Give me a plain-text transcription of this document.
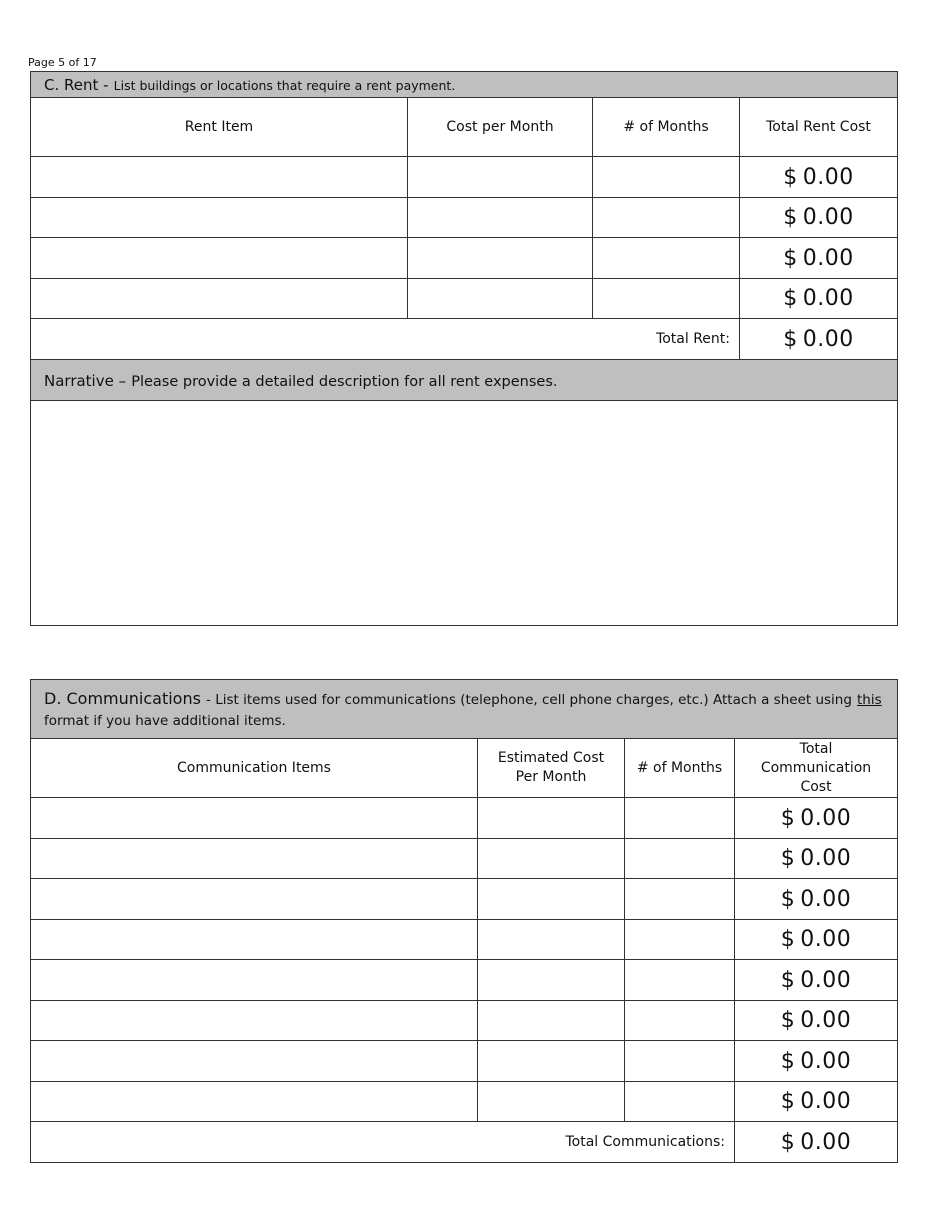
Page 5 of 17
C. Rent - List buildings or locations that require a rent payment.			
Rent Item	Cost per Month	# of Months	Total Rent Cost
			$ 0.00
			$ 0.00
			$ 0.00
			$ 0.00
Total Rent:			$ 0.00
Narrative – Please provide a detailed description for all rent expenses.			

D. Communications - List items used for communications (telephone, cell phone charges, etc.) Attach a sheet using this
format if you have additional items.			
Communication Items	Estimated Cost Per Month	# of Months	Total Communication Cost
			$ 0.00
			$ 0.00
			$ 0.00
			$ 0.00
			$ 0.00
			$ 0.00
			$ 0.00
			$ 0.00
Total Communications:			$ 0.00
